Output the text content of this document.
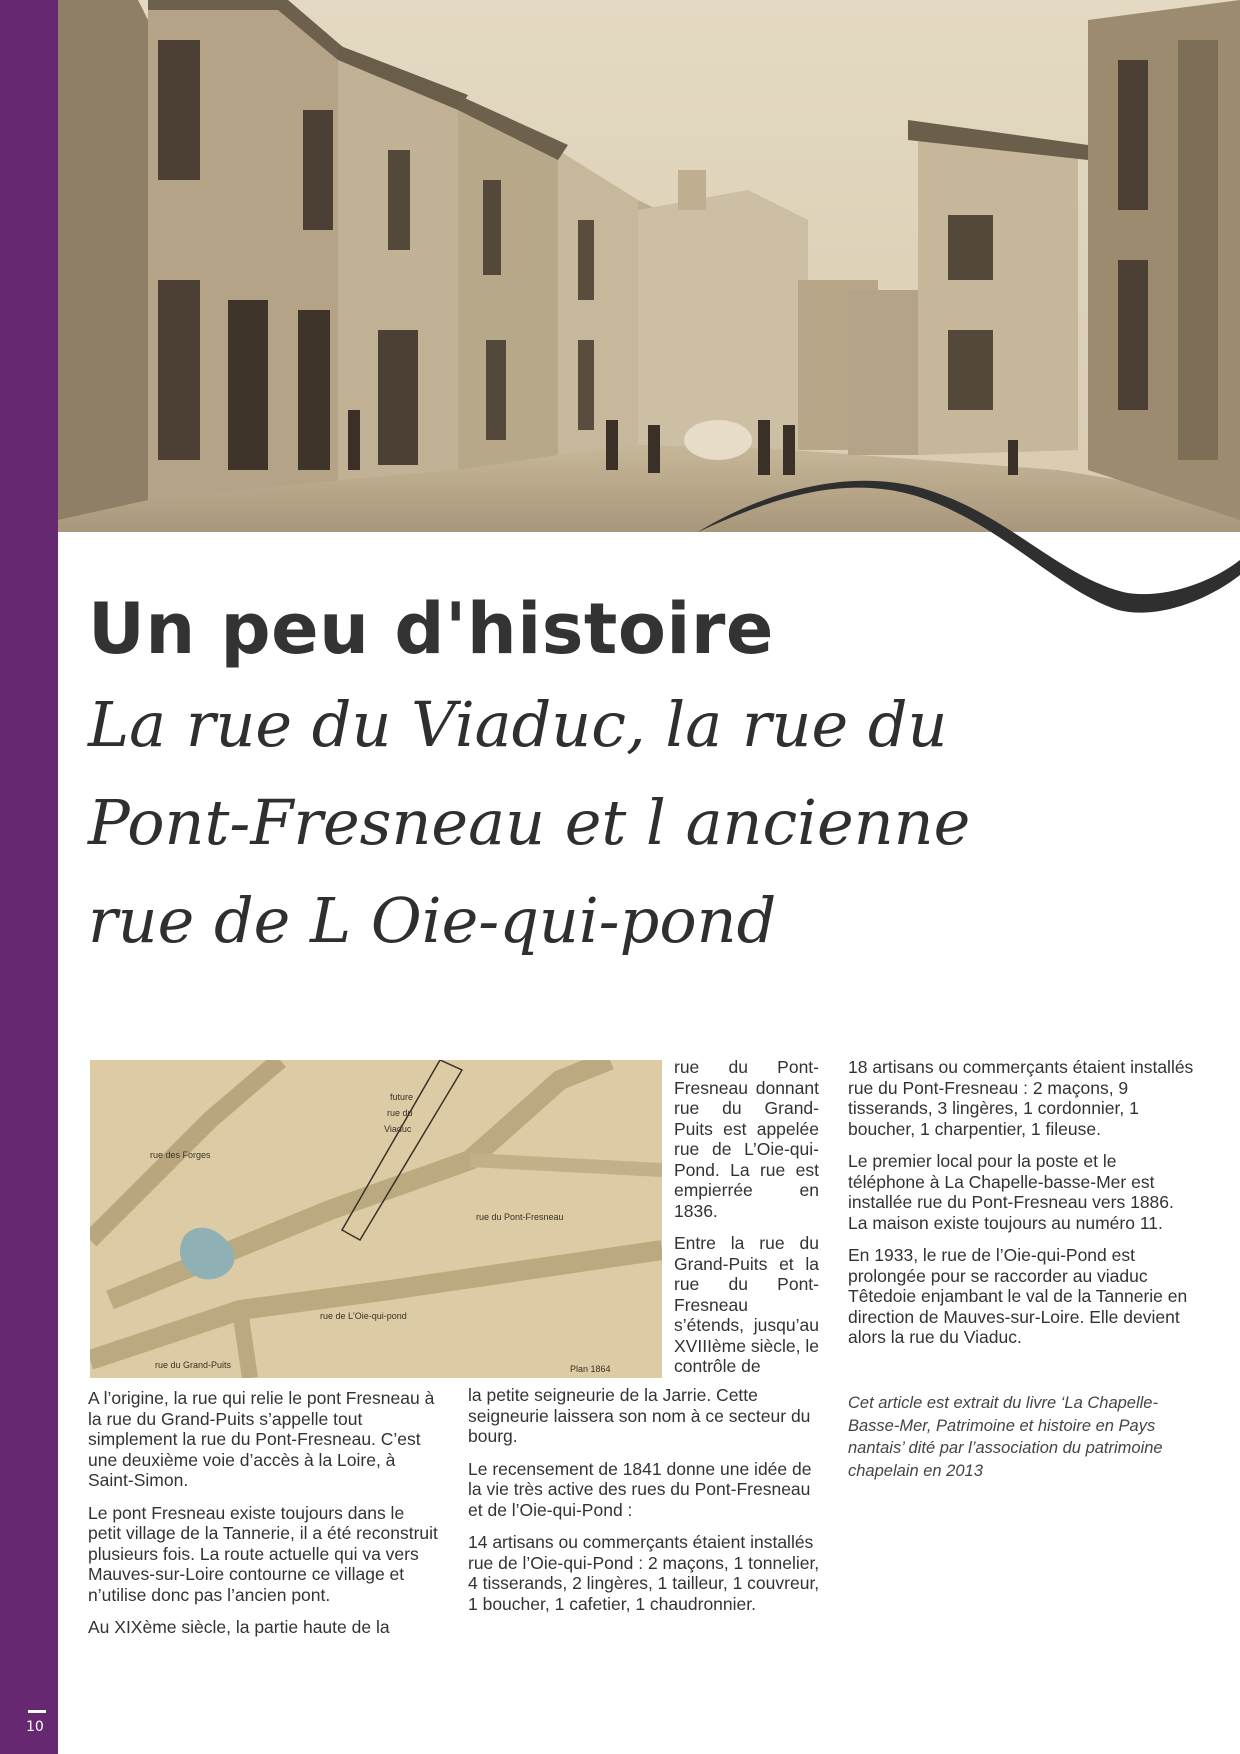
10
Un peu d'histoire
La rue du Viaduc, la rue du Pont-Fresneau et l ancienne rue de L Oie-qui-pond
future
rue du
Viaduc
rue des Forges
rue du Pont-Fresneau
rue de L'Oie-qui-pond
rue du Grand-Puits	Plan 1864

A l’origine, la rue qui relie le pont Fresneau à la rue du Grand-Puits s’appelle tout simplement la rue du Pont-Fresneau. C’est une deuxième voie d’accès à la Loire, à Saint-Simon.

Le pont Fresneau existe toujours dans le petit village de la Tannerie, il a été reconstruit plusieurs fois. La route actuelle qui va vers Mauves-sur-Loire contourne ce village et n’utilise donc pas l’ancien pont.

Au XIXème siècle, la partie haute de la

rue du Pont-Fresneau donnant rue du Grand-Puits est appelée rue de L’Oie-qui-Pond. La rue est empierrée en 1836.

Entre la rue du Grand-Puits et la rue du Pont-Fresneau s’étends, jusqu’au XVIIIème siècle, le contrôle de

la petite seigneurie de la Jarrie. Cette seigneurie laissera son nom à ce secteur du bourg.

Le recensement de 1841 donne une idée de la vie très active des rues du Pont-Fresneau et de l’Oie-qui-Pond :

14 artisans ou commerçants étaient installés rue de l’Oie-qui-Pond : 2 maçons, 1 tonnelier, 4 tisserands, 2 lingères, 1 tailleur, 1 couvreur, 1 boucher, 1 cafetier, 1 chaudronnier.

18 artisans ou commerçants étaient installés rue du Pont-Fresneau : 2 maçons, 9 tisserands, 3 lingères, 1 cordonnier, 1 boucher, 1 charpentier, 1 fileuse.

Le premier local pour la poste et le téléphone à La Chapelle-basse-Mer est installée rue du Pont-Fresneau vers 1886. La maison existe toujours au numéro 11.

En 1933, le rue de l’Oie-qui-Pond est prolongée pour se raccorder au viaduc Têtedoie enjambant le val de la Tannerie en direction de Mauves-sur-Loire. Elle devient alors la rue du Viaduc.

Cet article est extrait du livre ‘La Chapelle-Basse-Mer, Patrimoine et histoire en Pays nantais’ dité par l’association du patrimoine chapelain en 2013
